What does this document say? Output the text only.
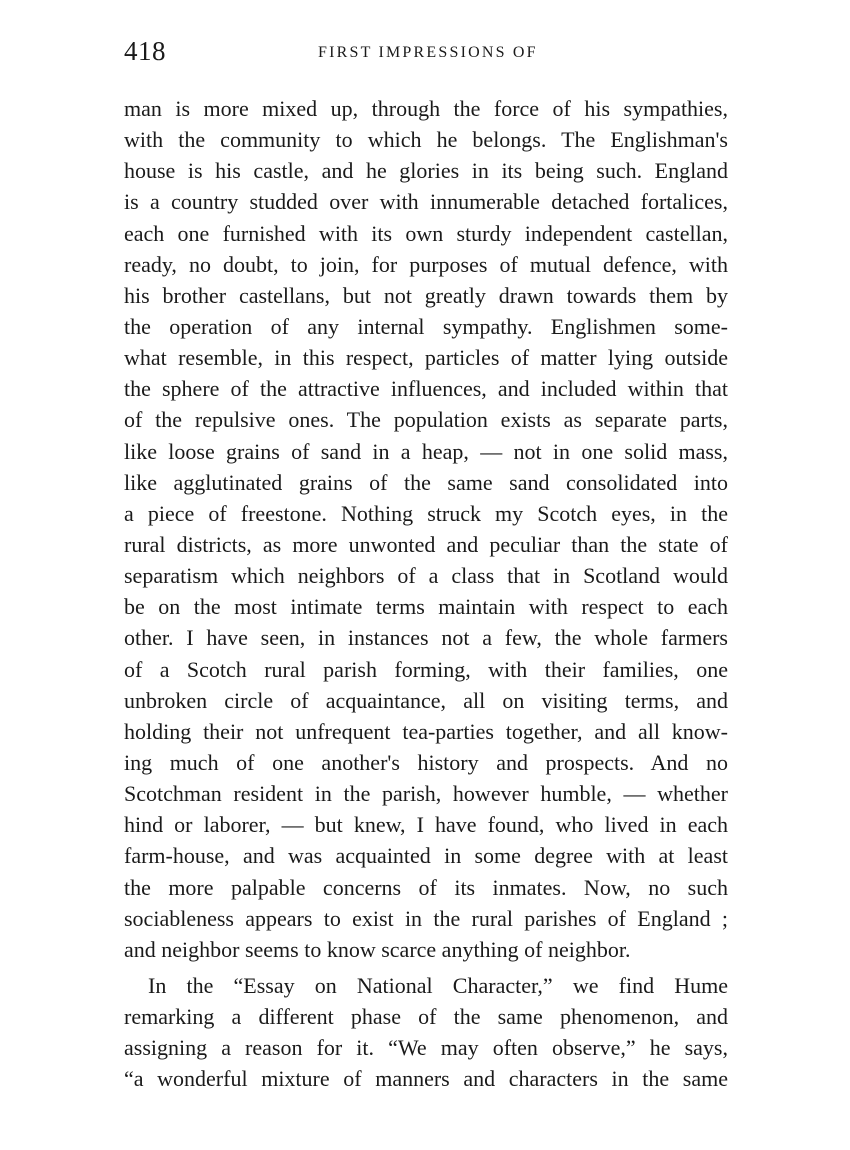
418	FIRST IMPRESSIONS OF
man is more mixed up, through the force of his sympathies,
with the community to which he belongs. The Englishman's
house is his castle, and he glories in its being such. England
is a country studded over with innumerable detached fortalices,
each one furnished with its own sturdy independent castellan,
ready, no doubt, to join, for purposes of mutual defence, with
his brother castellans, but not greatly drawn towards them by
the operation of any internal sympathy. Englishmen some-
what resemble, in this respect, particles of matter lying outside
the sphere of the attractive influences, and included within that
of the repulsive ones. The population exists as separate parts,
like loose grains of sand in a heap, — not in one solid mass,
like agglutinated grains of the same sand consolidated into
a piece of freestone. Nothing struck my Scotch eyes, in the
rural districts, as more unwonted and peculiar than the state of
separatism which neighbors of a class that in Scotland would
be on the most intimate terms maintain with respect to each
other. I have seen, in instances not a few, the whole farmers
of a Scotch rural parish forming, with their families, one
unbroken circle of acquaintance, all on visiting terms, and
holding their not unfrequent tea-parties together, and all know-
ing much of one another's history and prospects. And no
Scotchman resident in the parish, however humble, — whether
hind or laborer, — but knew, I have found, who lived in each
farm-house, and was acquainted in some degree with at least
the more palpable concerns of its inmates. Now, no such
sociableness appears to exist in the rural parishes of England ;
and neighbor seems to know scarce anything of neighbor.
In the “Essay on National Character,” we find Hume
remarking a different phase of the same phenomenon, and
assigning a reason for it. “We may often observe,” he says,
“a wonderful mixture of manners and characters in the same
